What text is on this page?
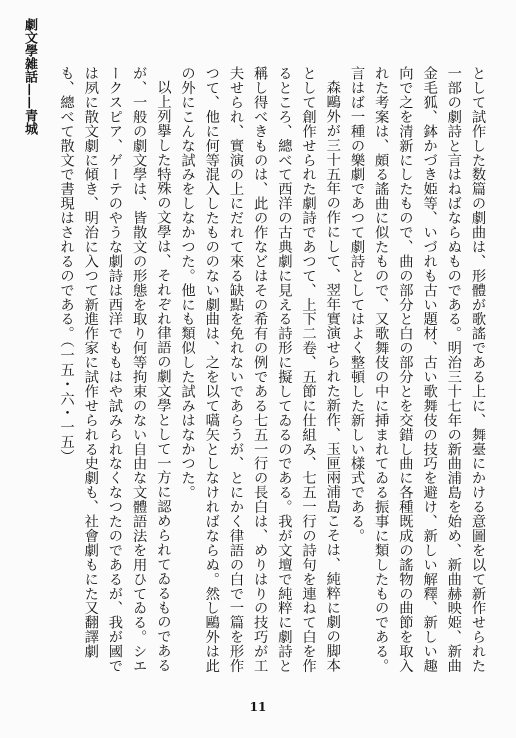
劇文學雑話——青城	として試作した数篇の劇曲は、形體が歌謠である上に、舞臺にかける意圖を以て新作せられた一部の劇詩と言はねばならぬものである。明治三十七年の新曲浦島を始め、新曲赫映姫、新曲金毛狐、鉢かづき姫等、いづれも古い題材、古い歌舞伎の技巧を避け、新しい解釋、新しい趣向で之を清新にしたもので、曲の部分と白の部分とを交錯し曲に各種既成の謠物の曲節を取入れた考案は、頗る謠曲に似たもので、又歌舞伎の中に挿まれてゐる振事に類したものである。言はば一種の樂劇であつて劇詩としてはよく整頓した新しい樣式である。

森鷗外が三十五年の作にして、翌年實演せられた新作、玉匣兩浦島こそは、純粹に劇の脚本として創作せられた劇詩であつて、上下二卷、五節に仕組み、七五一行の詩句を連ねて白を作るところ、總べて西洋の古典劇に見える詩形に擬してゐるのである。我が文壇で純粹に劇詩と稱し得べきものは、此の作などはその希有の例である七五一行の長白は、めりはりの技巧が工夫せられ、實演の上にだれて來る缺點を免れないであらうが、とにかく律語の白で一篇を形作つて、他に何等混入したもののない劇曲は、之を以て嚆矢としなければならぬ。然し鷗外は此の外にこんな試みをしなかつた。他にも類似した試みはなかつた。

以上列擧した特殊の文學は、それぞれ律語の劇文學として一方に認められてゐるものであるが、一般の劇文學は、皆散文の形態を取り何等拘束のない自由な文體語法を用ひてゐる。シエークスピア、ゲーテのやうな劇詩は西洋でももはや試みられなくなつたのであるが、我が國では夙に散文劇に傾き、明治に入つて新進作家に試作せられる史劇も、社會劇もにた又翻譯劇も、總べて散文で書現はされるのである。（一五・六・一五）

11
